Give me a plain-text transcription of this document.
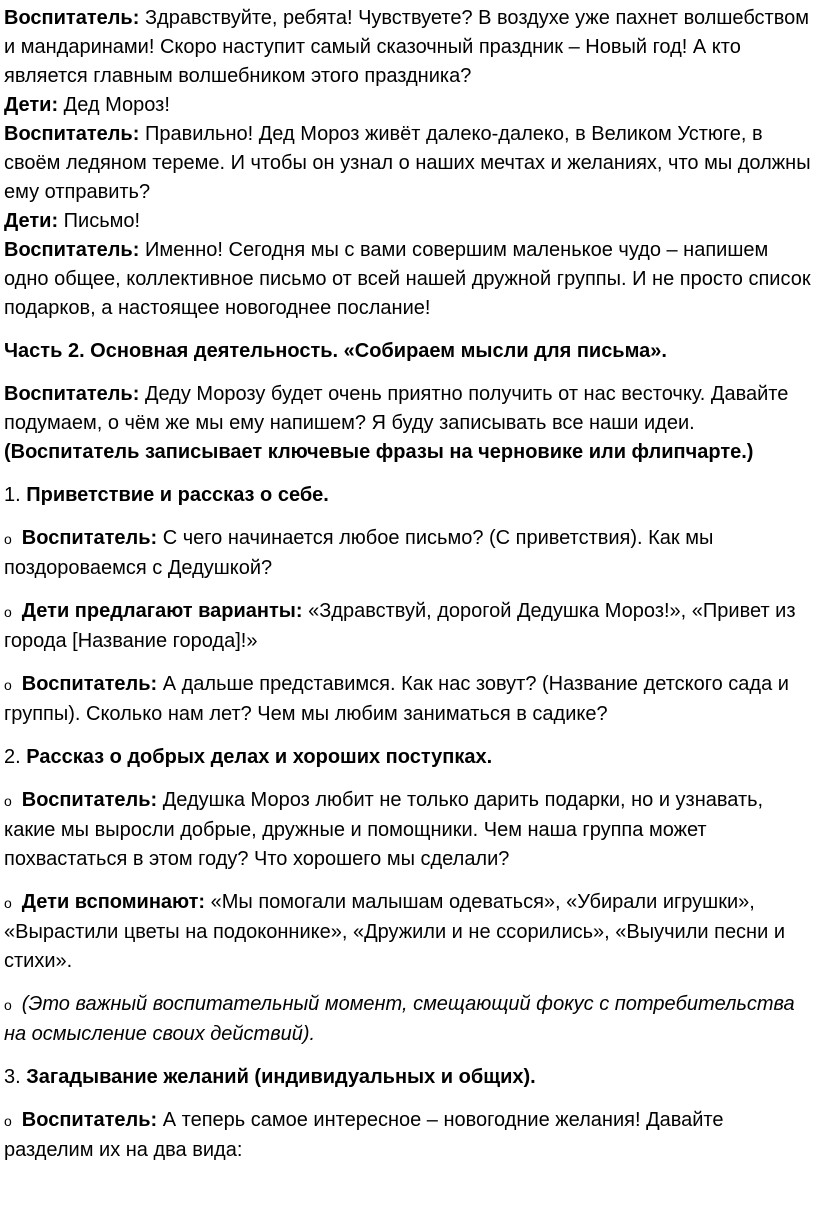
Воспитатель: Здравствуйте, ребята! Чувствуете? В воздухе уже пахнет волшебством и мандаринами! Скоро наступит самый сказочный праздник – Новый год! А кто является главным волшебником этого праздника?

Дети: Дед Мороз!

Воспитатель: Правильно! Дед Мороз живёт далеко-далеко, в Великом Устюге, в своём ледяном тереме. И чтобы он узнал о наших мечтах и желаниях, что мы должны ему отправить?

Дети: Письмо!

Воспитатель: Именно! Сегодня мы с вами совершим маленькое чудо – напишем одно общее, коллективное письмо от всей нашей дружной группы. И не просто список подарков, а настоящее новогоднее послание!

Часть 2. Основная деятельность. «Собираем мысли для письма».

Воспитатель: Деду Морозу будет очень приятно получить от нас весточку. Давайте подумаем, о чём же мы ему напишем? Я буду записывать все наши идеи.

(Воспитатель записывает ключевые фразы на черновике или флипчарте.)

1. Приветствие и рассказ о себе.

o Воспитатель: С чего начинается любое письмо? (С приветствия). Как мы поздороваемся с Дедушкой?

o Дети предлагают варианты: «Здравствуй, дорогой Дедушка Мороз!», «Привет из города [Название города]!»

o Воспитатель: А дальше представимся. Как нас зовут? (Название детского сада и группы). Сколько нам лет? Чем мы любим заниматься в садике?

2. Рассказ о добрых делах и хороших поступках.

o Воспитатель: Дедушка Мороз любит не только дарить подарки, но и узнавать, какие мы выросли добрые, дружные и помощники. Чем наша группа может похвастаться в этом году? Что хорошего мы сделали?

o Дети вспоминают: «Мы помогали малышам одеваться», «Убирали игрушки», «Вырастили цветы на подоконнике», «Дружили и не ссорились», «Выучили песни и стихи».

o (Это важный воспитательный момент, смещающий фокус с потребительства на осмысление своих действий).

3. Загадывание желаний (индивидуальных и общих).

o Воспитатель: А теперь самое интересное – новогодние желания! Давайте разделим их на два вида:
